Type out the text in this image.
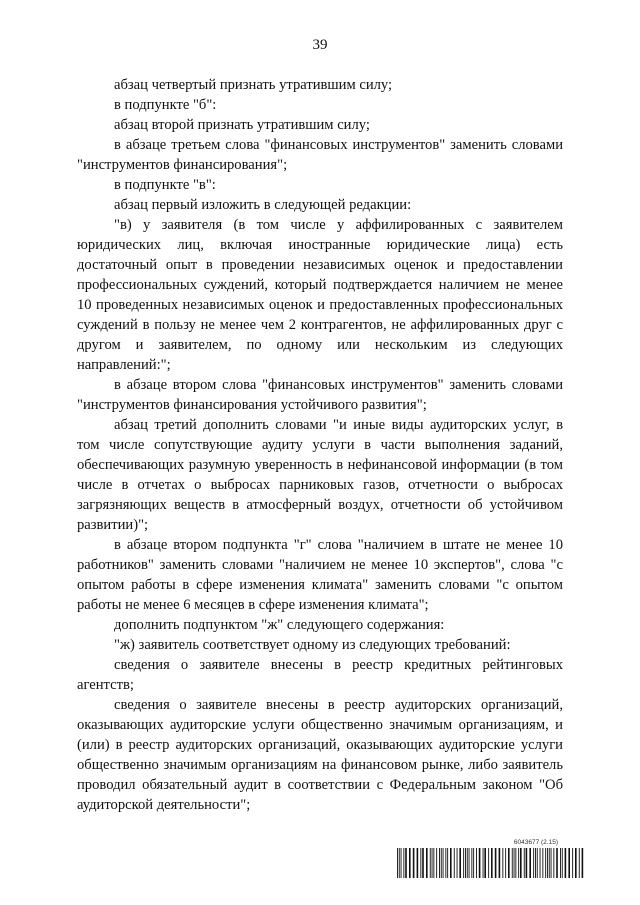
39

абзац четвертый признать утратившим силу;

в подпункте "б":

абзац второй признать утратившим силу;

в абзаце третьем слова "финансовых инструментов" заменить словами "инструментов финансирования";

в подпункте "в":

абзац первый изложить в следующей редакции:

"в) у заявителя (в том числе у аффилированных с заявителем юридических лиц, включая иностранные юридические лица) есть достаточный опыт в проведении независимых оценок и предоставлении профессиональных суждений, который подтверждается наличием не менее 10 проведенных независимых оценок и предоставленных профессиональных суждений в пользу не менее чем 2 контрагентов, не аффилированных друг с другом и заявителем, по одному или нескольким из следующих направлений:";

в абзаце втором слова "финансовых инструментов" заменить словами "инструментов финансирования устойчивого развития";

абзац третий дополнить словами "и иные виды аудиторских услуг, в том числе сопутствующие аудиту услуги в части выполнения заданий, обеспечивающих разумную уверенность в нефинансовой информации (в том числе в отчетах о выбросах парниковых газов, отчетности о выбросах загрязняющих веществ в атмосферный воздух, отчетности об устойчивом развитии)";

в абзаце втором подпункта "г" слова "наличием в штате не менее 10 работников" заменить словами "наличием не менее 10 экспертов", слова "с опытом работы в сфере изменения климата" заменить словами "с опытом работы не менее 6 месяцев в сфере изменения климата";

дополнить подпунктом "ж" следующего содержания:

"ж) заявитель соответствует одному из следующих требований:

сведения о заявителе внесены в реестр кредитных рейтинговых агентств;

сведения о заявителе внесены в реестр аудиторских организаций, оказывающих аудиторские услуги общественно значимым организациям, и (или) в реестр аудиторских организаций, оказывающих аудиторские услуги общественно значимым организациям на финансовом рынке, либо заявитель проводил обязательный аудит в соответствии с Федеральным законом "Об аудиторской деятельности";

6043677 (2.15)
